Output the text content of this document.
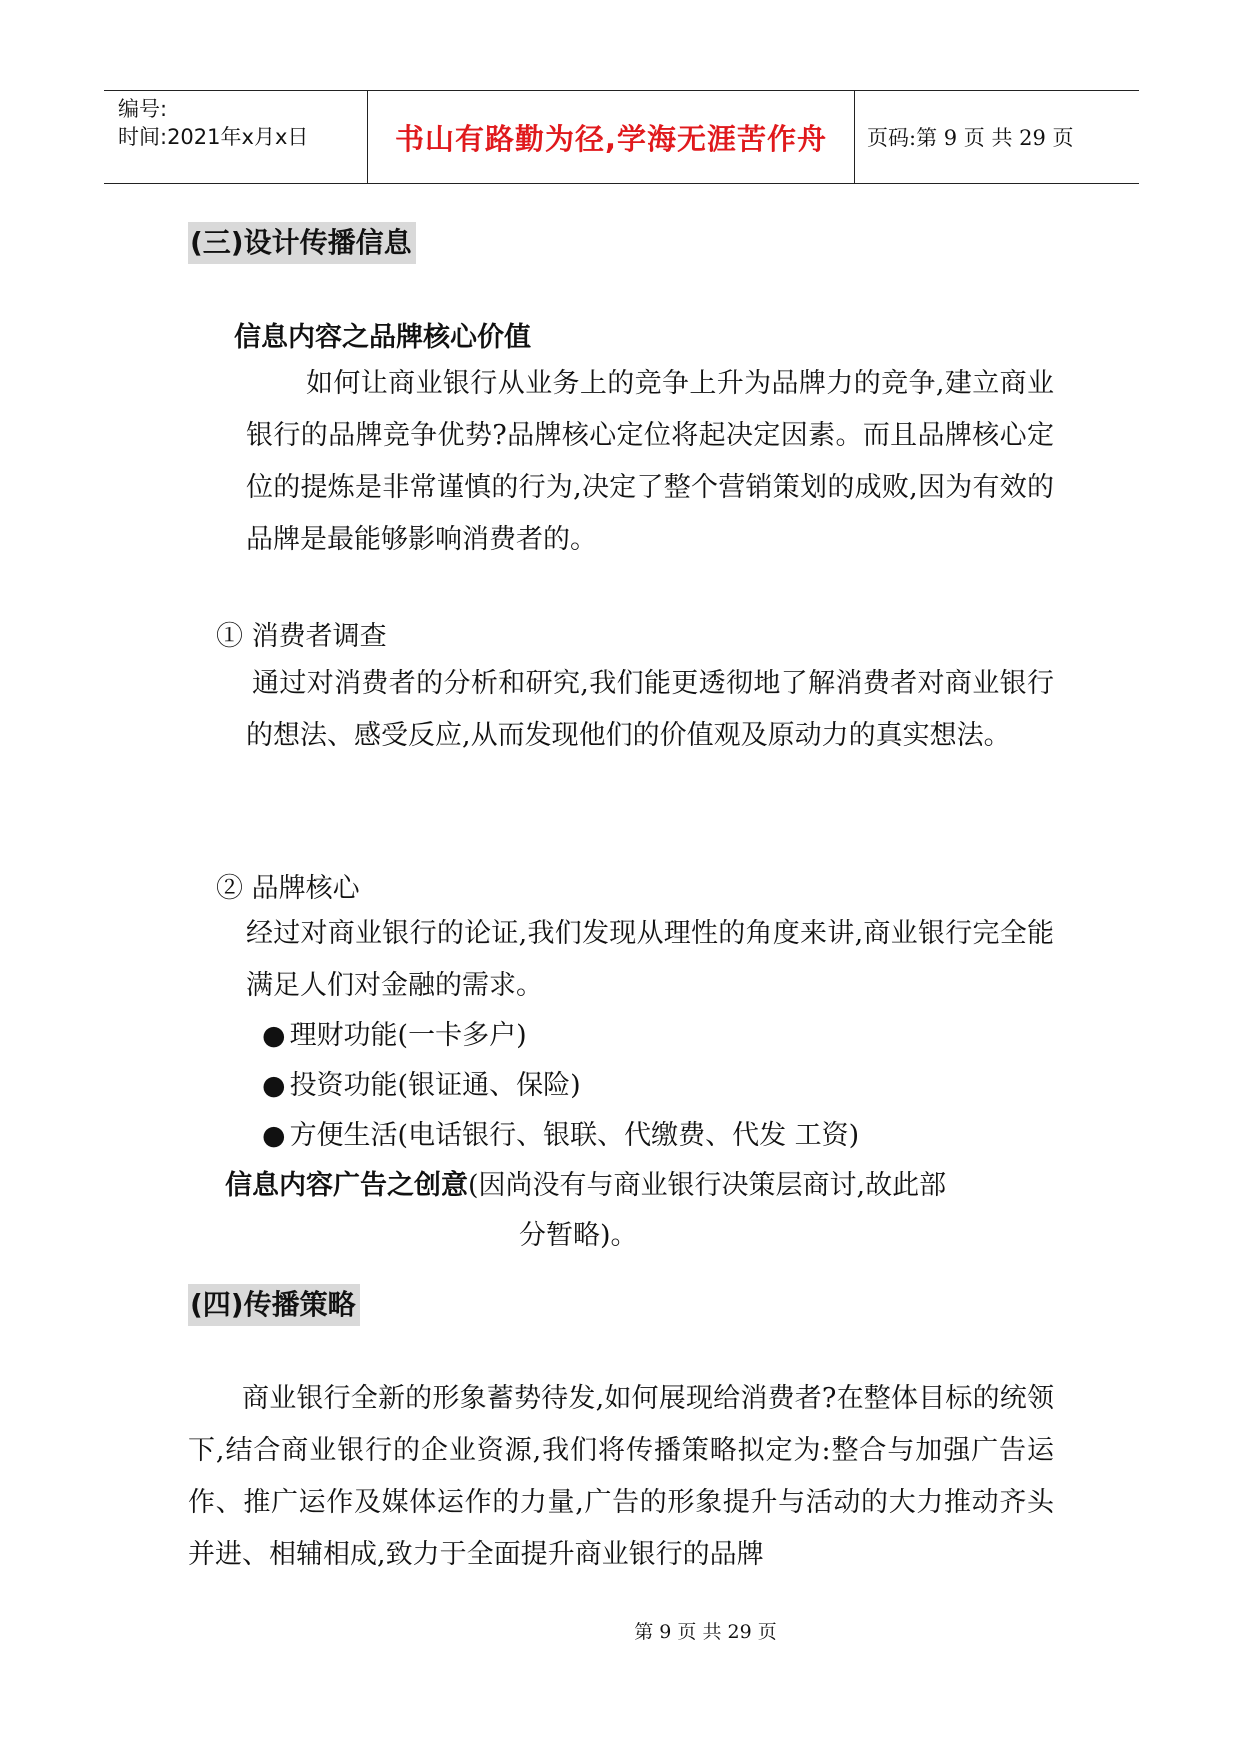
编号:
时间:2021年x月x日	书山有路勤为径,学海无涯苦作舟 页码:第 9 页 共 29 页
(三)设计传播信息
信息内容之品牌核心价值
如何让商业银行从业务上的竞争上升为品牌力的竞争,建立商业银行的品牌竞争优势?品牌核心定位将起决定因素。而且品牌核心定位的提炼是非常谨慎的行为,决定了整个营销策划的成败,因为有效的品牌是最能够影响消费者的。
① 消费者调查
通过对消费者的分析和研究,我们能更透彻地了解消费者对商业银行的想法、感受反应,从而发现他们的价值观及原动力的真实想法。
② 品牌核心
经过对商业银行的论证,我们发现从理性的角度来讲,商业银行完全能满足人们对金融的需求。
● 理财功能(一卡多户)
● 投资功能(银证通、保险)
● 方便生活(电话银行、银联、代缴费、代发 工资)
信息内容广告之创意(因尚没有与商业银行决策层商讨,故此部
分暂略)。
(四)传播策略
商业银行全新的形象蓄势待发,如何展现给消费者?在整体目标的统领下,结合商业银行的企业资源,我们将传播策略拟定为:整合与加强广告运作、推广运作及媒体运作的力量,广告的形象提升与活动的大力推动齐头并进、相辅相成,致力于全面提升商业银行的品牌
第 9 页 共 29 页
